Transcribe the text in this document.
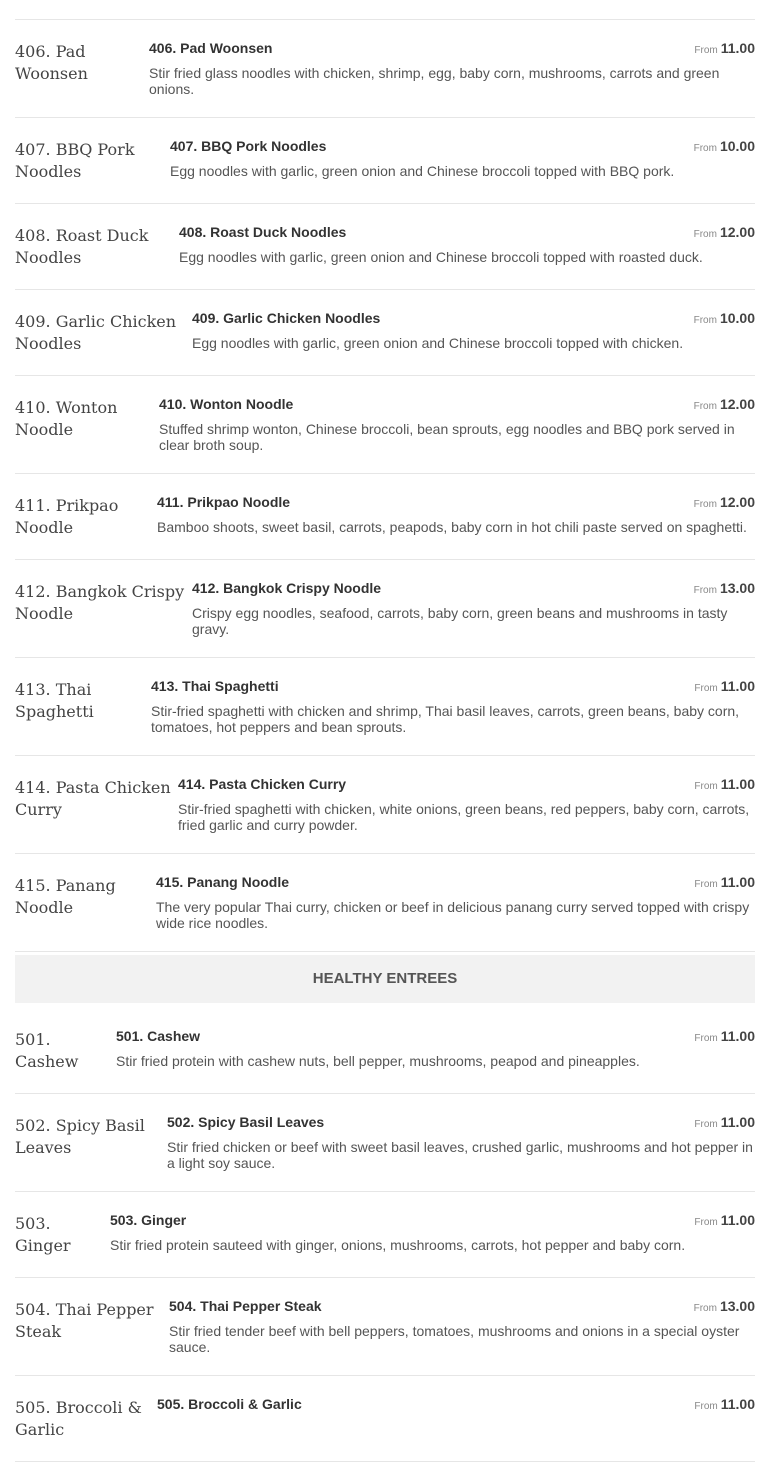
406. Pad Woonsen
406. Pad Woonsen	From 11.00
Stir fried glass noodles with chicken, shrimp, egg, baby corn, mushrooms, carrots and green onions.
407. BBQ Pork Noodles
407. BBQ Pork Noodles	From 10.00
Egg noodles with garlic, green onion and Chinese broccoli topped with BBQ pork.
408. Roast Duck Noodles
408. Roast Duck Noodles	From 12.00
Egg noodles with garlic, green onion and Chinese broccoli topped with roasted duck.
409. Garlic Chicken Noodles
409. Garlic Chicken Noodles	From 10.00
Egg noodles with garlic, green onion and Chinese broccoli topped with chicken.
410. Wonton Noodle
410. Wonton Noodle	From 12.00
Stuffed shrimp wonton, Chinese broccoli, bean sprouts, egg noodles and BBQ pork served in clear broth soup.
411. Prikpao Noodle
411. Prikpao Noodle	From 12.00
Bamboo shoots, sweet basil, carrots, peapods, baby corn in hot chili paste served on spaghetti.
412. Bangkok Crispy Noodle
412. Bangkok Crispy Noodle	From 13.00
Crispy egg noodles, seafood, carrots, baby corn, green beans and mushrooms in tasty gravy.
413. Thai Spaghetti
413. Thai Spaghetti	From 11.00
Stir-fried spaghetti with chicken and shrimp, Thai basil leaves, carrots, green beans, baby corn, tomatoes, hot peppers and bean sprouts.
414. Pasta Chicken Curry
414. Pasta Chicken Curry	From 11.00
Stir-fried spaghetti with chicken, white onions, green beans, red peppers, baby corn, carrots, fried garlic and curry powder.
415. Panang Noodle
415. Panang Noodle	From 11.00
The very popular Thai curry, chicken or beef in delicious panang curry served topped with crispy wide rice noodles.
HEALTHY ENTREES
501. Cashew
501. Cashew	From 11.00
Stir fried protein with cashew nuts, bell pepper, mushrooms, peapod and pineapples.
502. Spicy Basil Leaves
502. Spicy Basil Leaves	From 11.00
Stir fried chicken or beef with sweet basil leaves, crushed garlic, mushrooms and hot pepper in a light soy sauce.
503. Ginger
503. Ginger	From 11.00
Stir fried protein sauteed with ginger, onions, mushrooms, carrots, hot pepper and baby corn.
504. Thai Pepper Steak
504. Thai Pepper Steak	From 13.00
Stir fried tender beef with bell peppers, tomatoes, mushrooms and onions in a special oyster sauce.
505. Broccoli & Garlic
505. Broccoli & Garlic	From 11.00
